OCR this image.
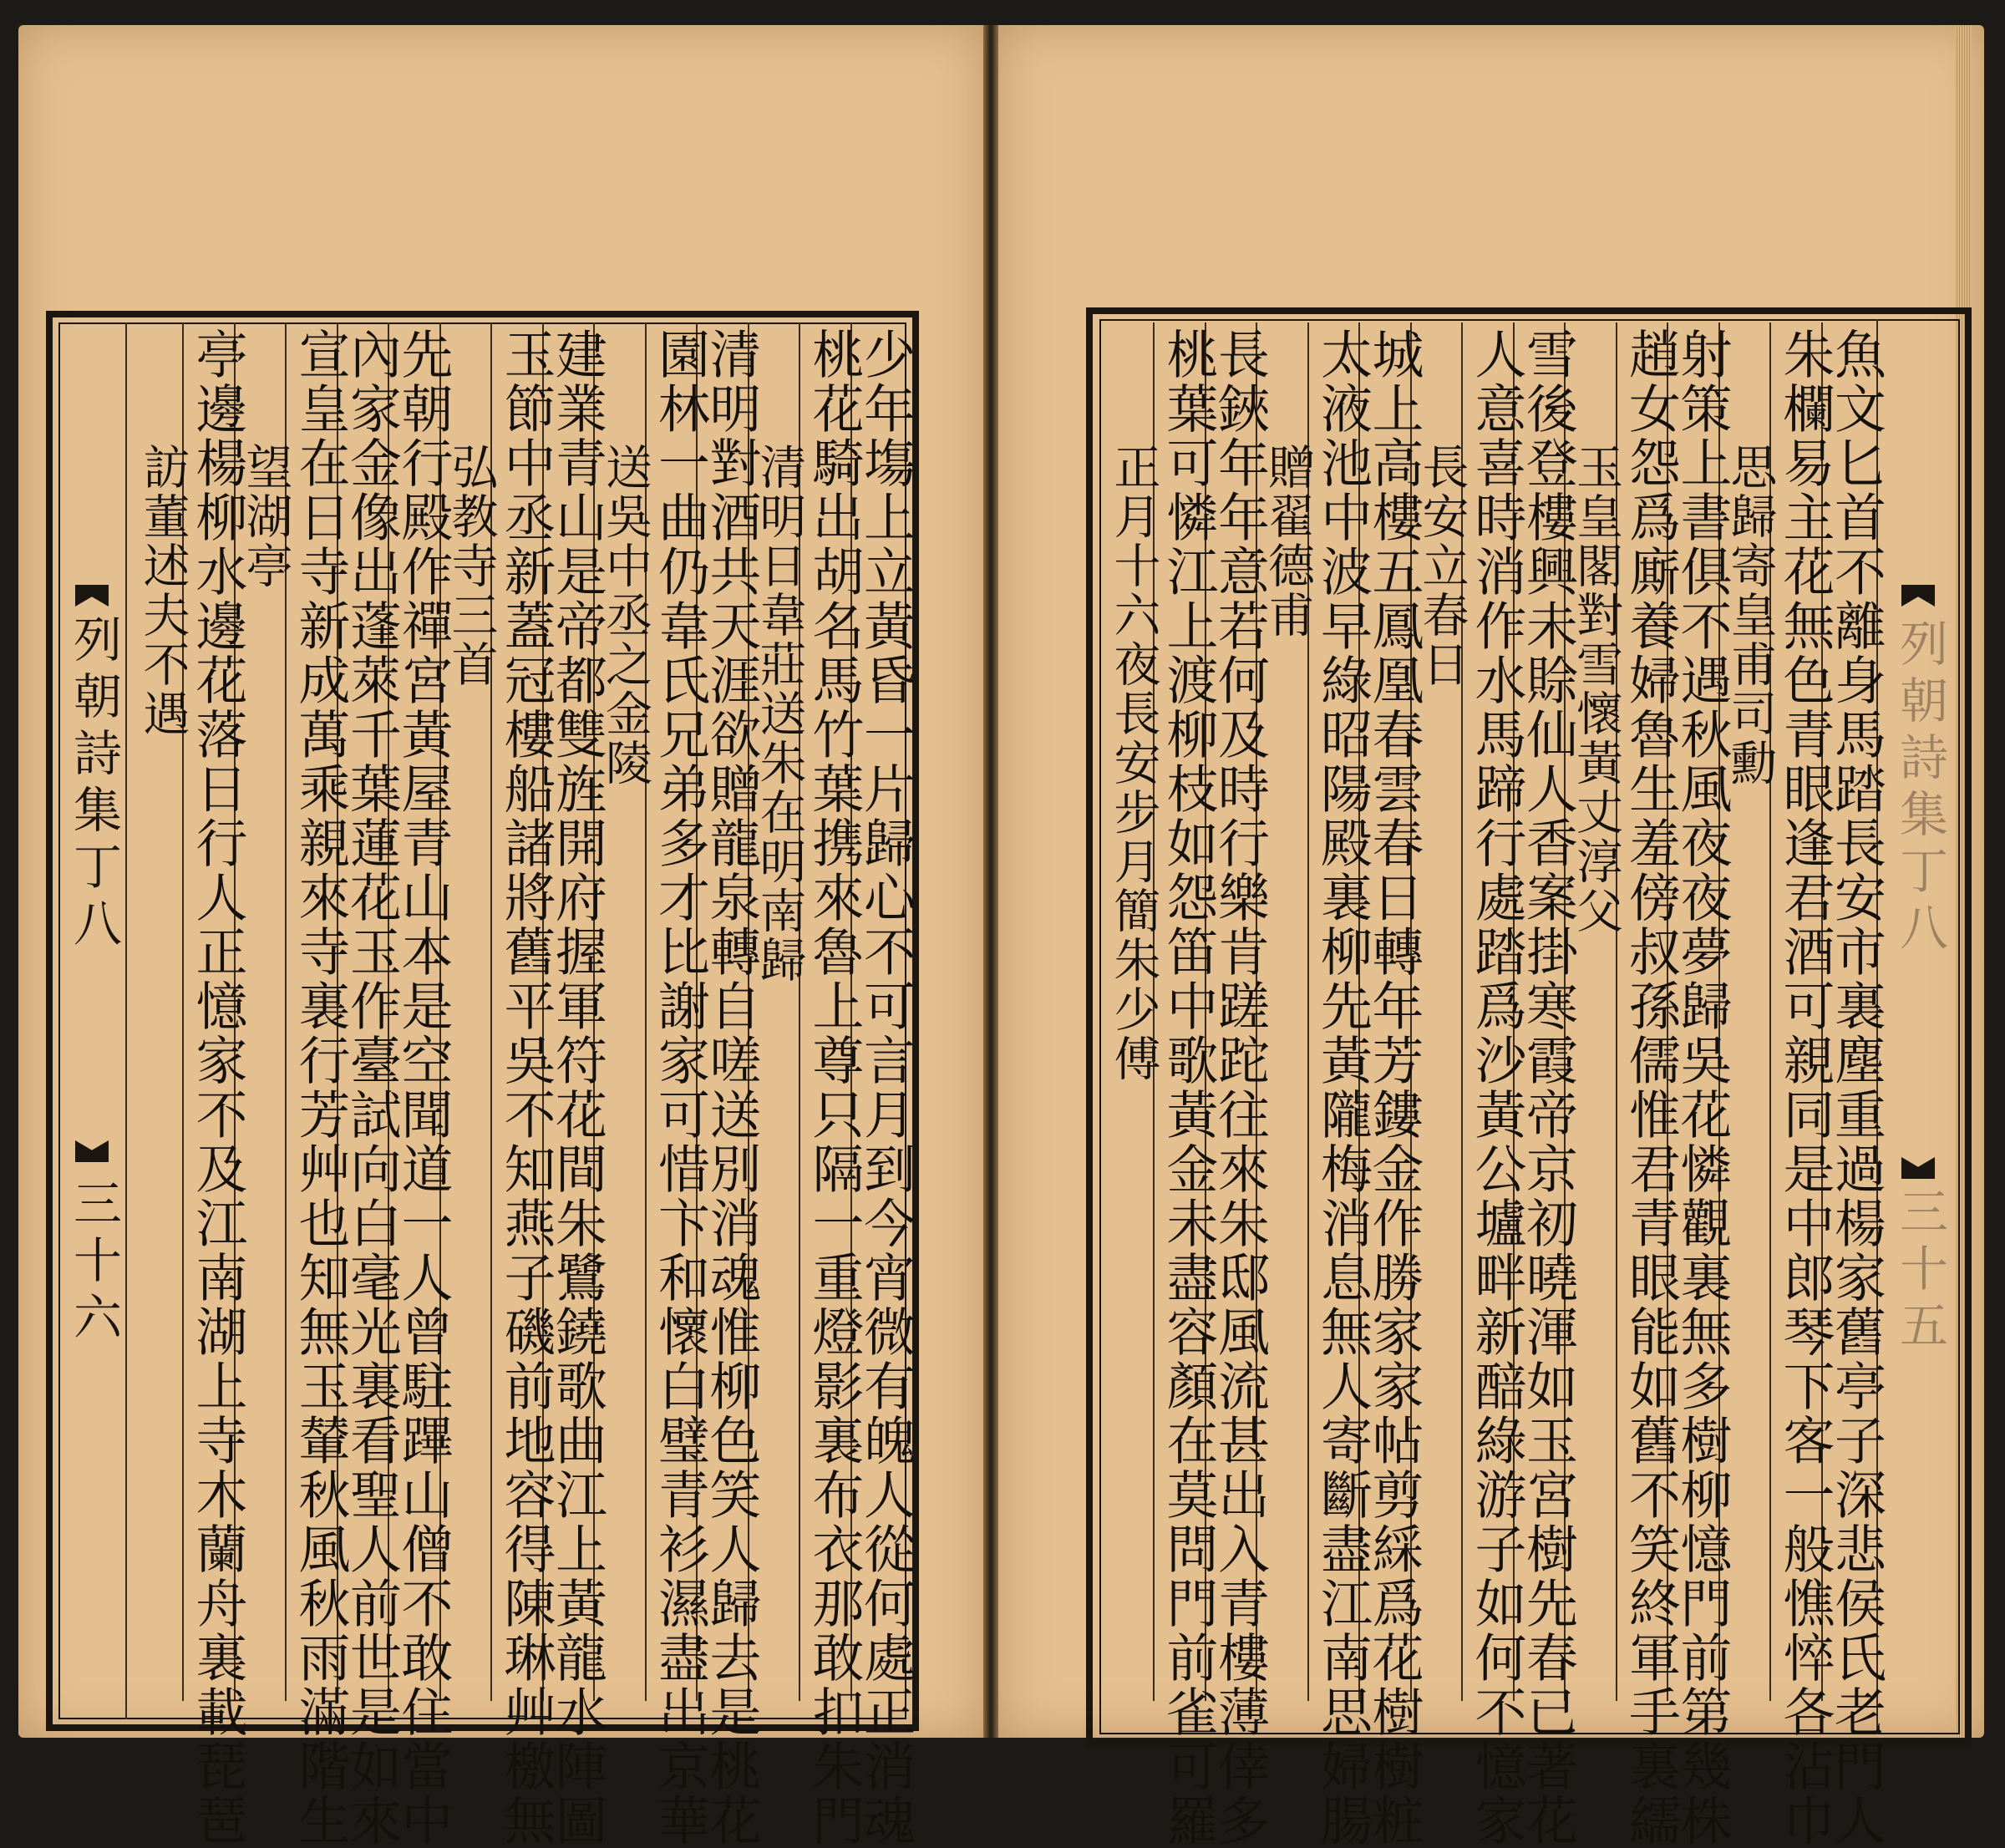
列朝詩集丁八
三十六	少年塲上立黃昏一片歸心不可言月到今宵微有魄人從何處正消魂
桃花騎出胡名馬竹葉携來魯上尊只隔一重燈影裏布衣那敢扣朱門
清明日韋莊送朱在明南歸
清明對酒共天涯欲贈龍泉轉自嗟送別消魂惟柳色笑人歸去是桃花
園林一曲仍韋氏兄弟多才比謝家可惜卞和懷白璧青衫濕盡出京華
送吳中丞之金陵
建業青山是帝都雙旌開府握軍符花間朱鷺鐃歌曲江上黃龍水陣圖
玉節中丞新蓋冠樓船諸將舊平吳不知燕子磯前地容得陳琳艸檄無
弘教寺三首
先朝行殿作禪宮黃屋青山本是空聞道一人曾駐蹕山僧不敢住當中
內家金像出蓬萊千葉蓮花玉作臺試向白毫光裏看聖人前世是如來
宣皇在日寺新成萬乘親來寺裏行芳艸也知無玉輦秋風秋雨滿階生
望湖亭
亭邊楊柳水邊花落日行人正憶家不及江南湖上寺木蘭舟裏載琵琶
訪董述夫不遇
列朝詩集丁八
三十五
魚文匕首不離身馬踏長安市裏塵重過楊家舊亭子深悲侯氏老門人
朱欄易主花無色青眼逢君酒可親同是中郎琴下客一般憔悴各沾巾
思歸寄皇甫司勳
射策上書俱不遇秋風夜夜夢歸吳花憐觀裏無多樹柳憶門前第幾株
趙女怨爲廝養婦魯生羞傍叔孫儒惟君青眼能如舊不笑終軍手裏繻
玉皇閣對雪懷黃丈淳父
雪後登樓興未賒仙人香案掛寒霞帝京初曉渾如玉宮樹先春已著花
人意喜時消作水馬蹄行處踏爲沙黃公壚畔新醅綠游子如何不憶家
長安立春日
城上高樓五鳳凰春雲春日轉年芳鏤金作勝家家帖剪綵爲花樹樹粧
太液池中波早綠昭陽殿裏柳先黃隴梅消息無人寄斷盡江南思婦腸
贈翟德甫
長鋏年年意若何及時行樂肯蹉跎往來朱邸風流甚出入青樓薄倖多
桃葉可憐江上渡柳枝如怨笛中歌黃金未盡容顏在莫問門前雀可羅
正月十六夜長安步月簡朱少傅
